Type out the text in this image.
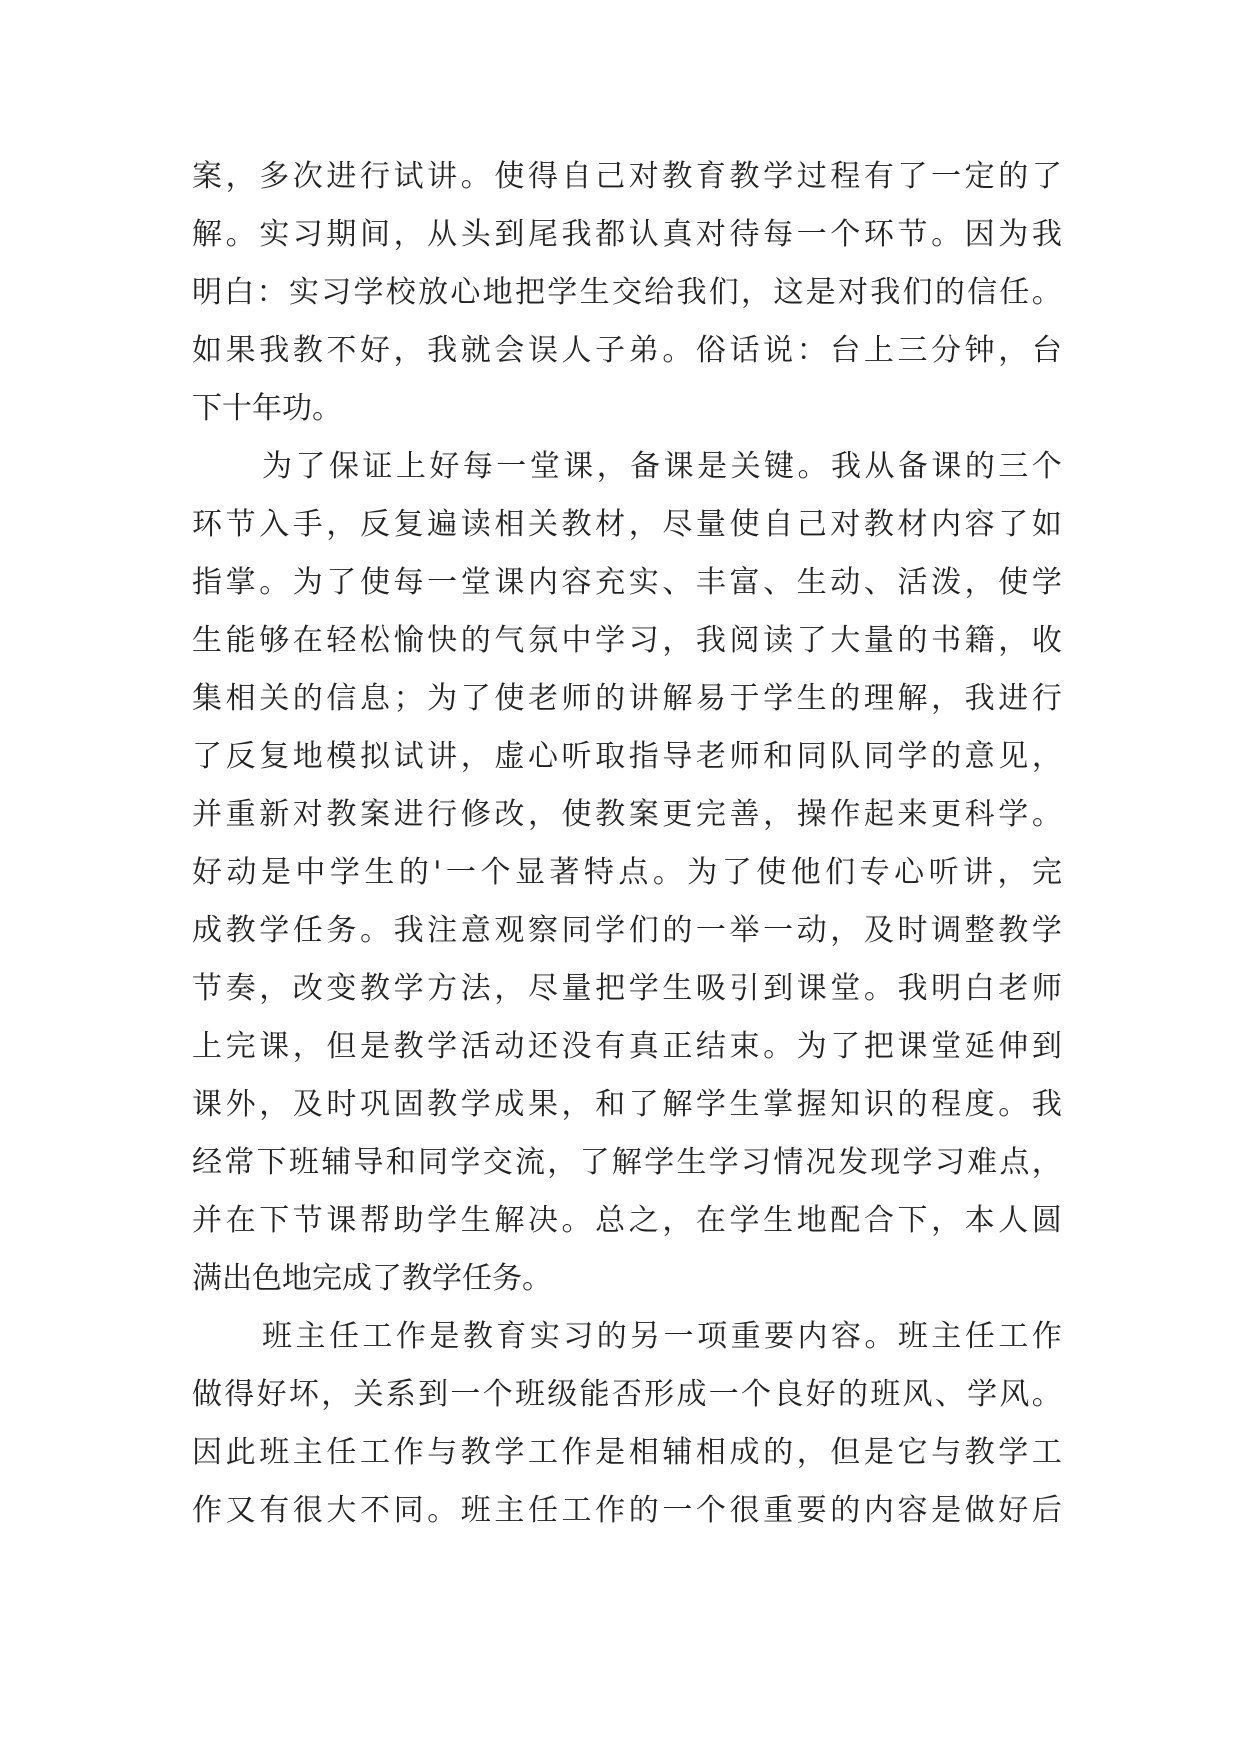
案 ， 多 次 进 行 试 讲 。 使 得 自 己 对 教 育 教 学 过 程 有 了 一 定 的 了
解 。 实 习 期 间 ， 从 头 到 尾 我 都 认 真 对 待 每 一 个 环 节 。 因 为 我
明 白 ： 实 习 学 校 放 心 地 把 学 生 交 给 我 们 ， 这 是 对 我 们 的 信 任 。
如 果 我 教 不 好 ， 我 就 会 误 人 子 弟 。 俗 话 说 ： 台 上 三 分 钟 ， 台
下十年功。
为 了 保 证 上 好 每 一 堂 课 ， 备 课 是 关 键 。 我 从 备 课 的 三 个
环 节 入 手 ， 反 复 遍 读 相 关 教 材 ， 尽 量 使 自 己 对 教 材 内 容 了 如
指 掌 。 为 了 使 每 一 堂 课 内 容 充 实 、 丰 富 、 生 动 、 活 泼 ， 使 学
生 能 够 在 轻 松 愉 快 的 气 氛 中 学 习 ， 我 阅 读 了 大 量 的 书 籍 ， 收
集 相 关 的 信 息 ； 为 了 使 老 师 的 讲 解 易 于 学 生 的 理 解 ， 我 进 行
了 反 复 地 模 拟 试 讲 ， 虚 心 听 取 指 导 老 师 和 同 队 同 学 的 意 见 ，
并 重 新 对 教 案 进 行 修 改 ， 使 教 案 更 完 善 ， 操 作 起 来 更 科 学 。
好 动 是 中 学 生 的 ' 一 个 显 著 特 点 。 为 了 使 他 们 专 心 听 讲 ， 完
成 教 学 任 务 。 我 注 意 观 察 同 学 们 的 一 举 一 动 ， 及 时 调 整 教 学
节 奏 ， 改 变 教 学 方 法 ， 尽 量 把 学 生 吸 引 到 课 堂 。 我 明 白 老 师
上 完 课 ， 但 是 教 学 活 动 还 没 有 真 正 结 束 。 为 了 把 课 堂 延 伸 到
课 外 ， 及 时 巩 固 教 学 成 果 ， 和 了 解 学 生 掌 握 知 识 的 程 度 。 我
经 常 下 班 辅 导 和 同 学 交 流 ， 了 解 学 生 学 习 情 况 发 现 学 习 难 点 ，
并 在 下 节 课 帮 助 学 生 解 决 。 总 之 ， 在 学 生 地 配 合 下 ， 本 人 圆
满出色地完成了教学任务。
班 主 任 工 作 是 教 育 实 习 的 另 一 项 重 要 内 容 。 班 主 任 工 作
做 得 好 坏 ， 关 系 到 一 个 班 级 能 否 形 成 一 个 良 好 的 班 风 、 学 风 。
因 此 班 主 任 工 作 与 教 学 工 作 是 相 辅 相 成 的 ， 但 是 它 与 教 学 工
作 又 有 很 大 不 同 。 班 主 任 工 作 的 一 个 很 重 要 的 内 容 是 做 好 后
